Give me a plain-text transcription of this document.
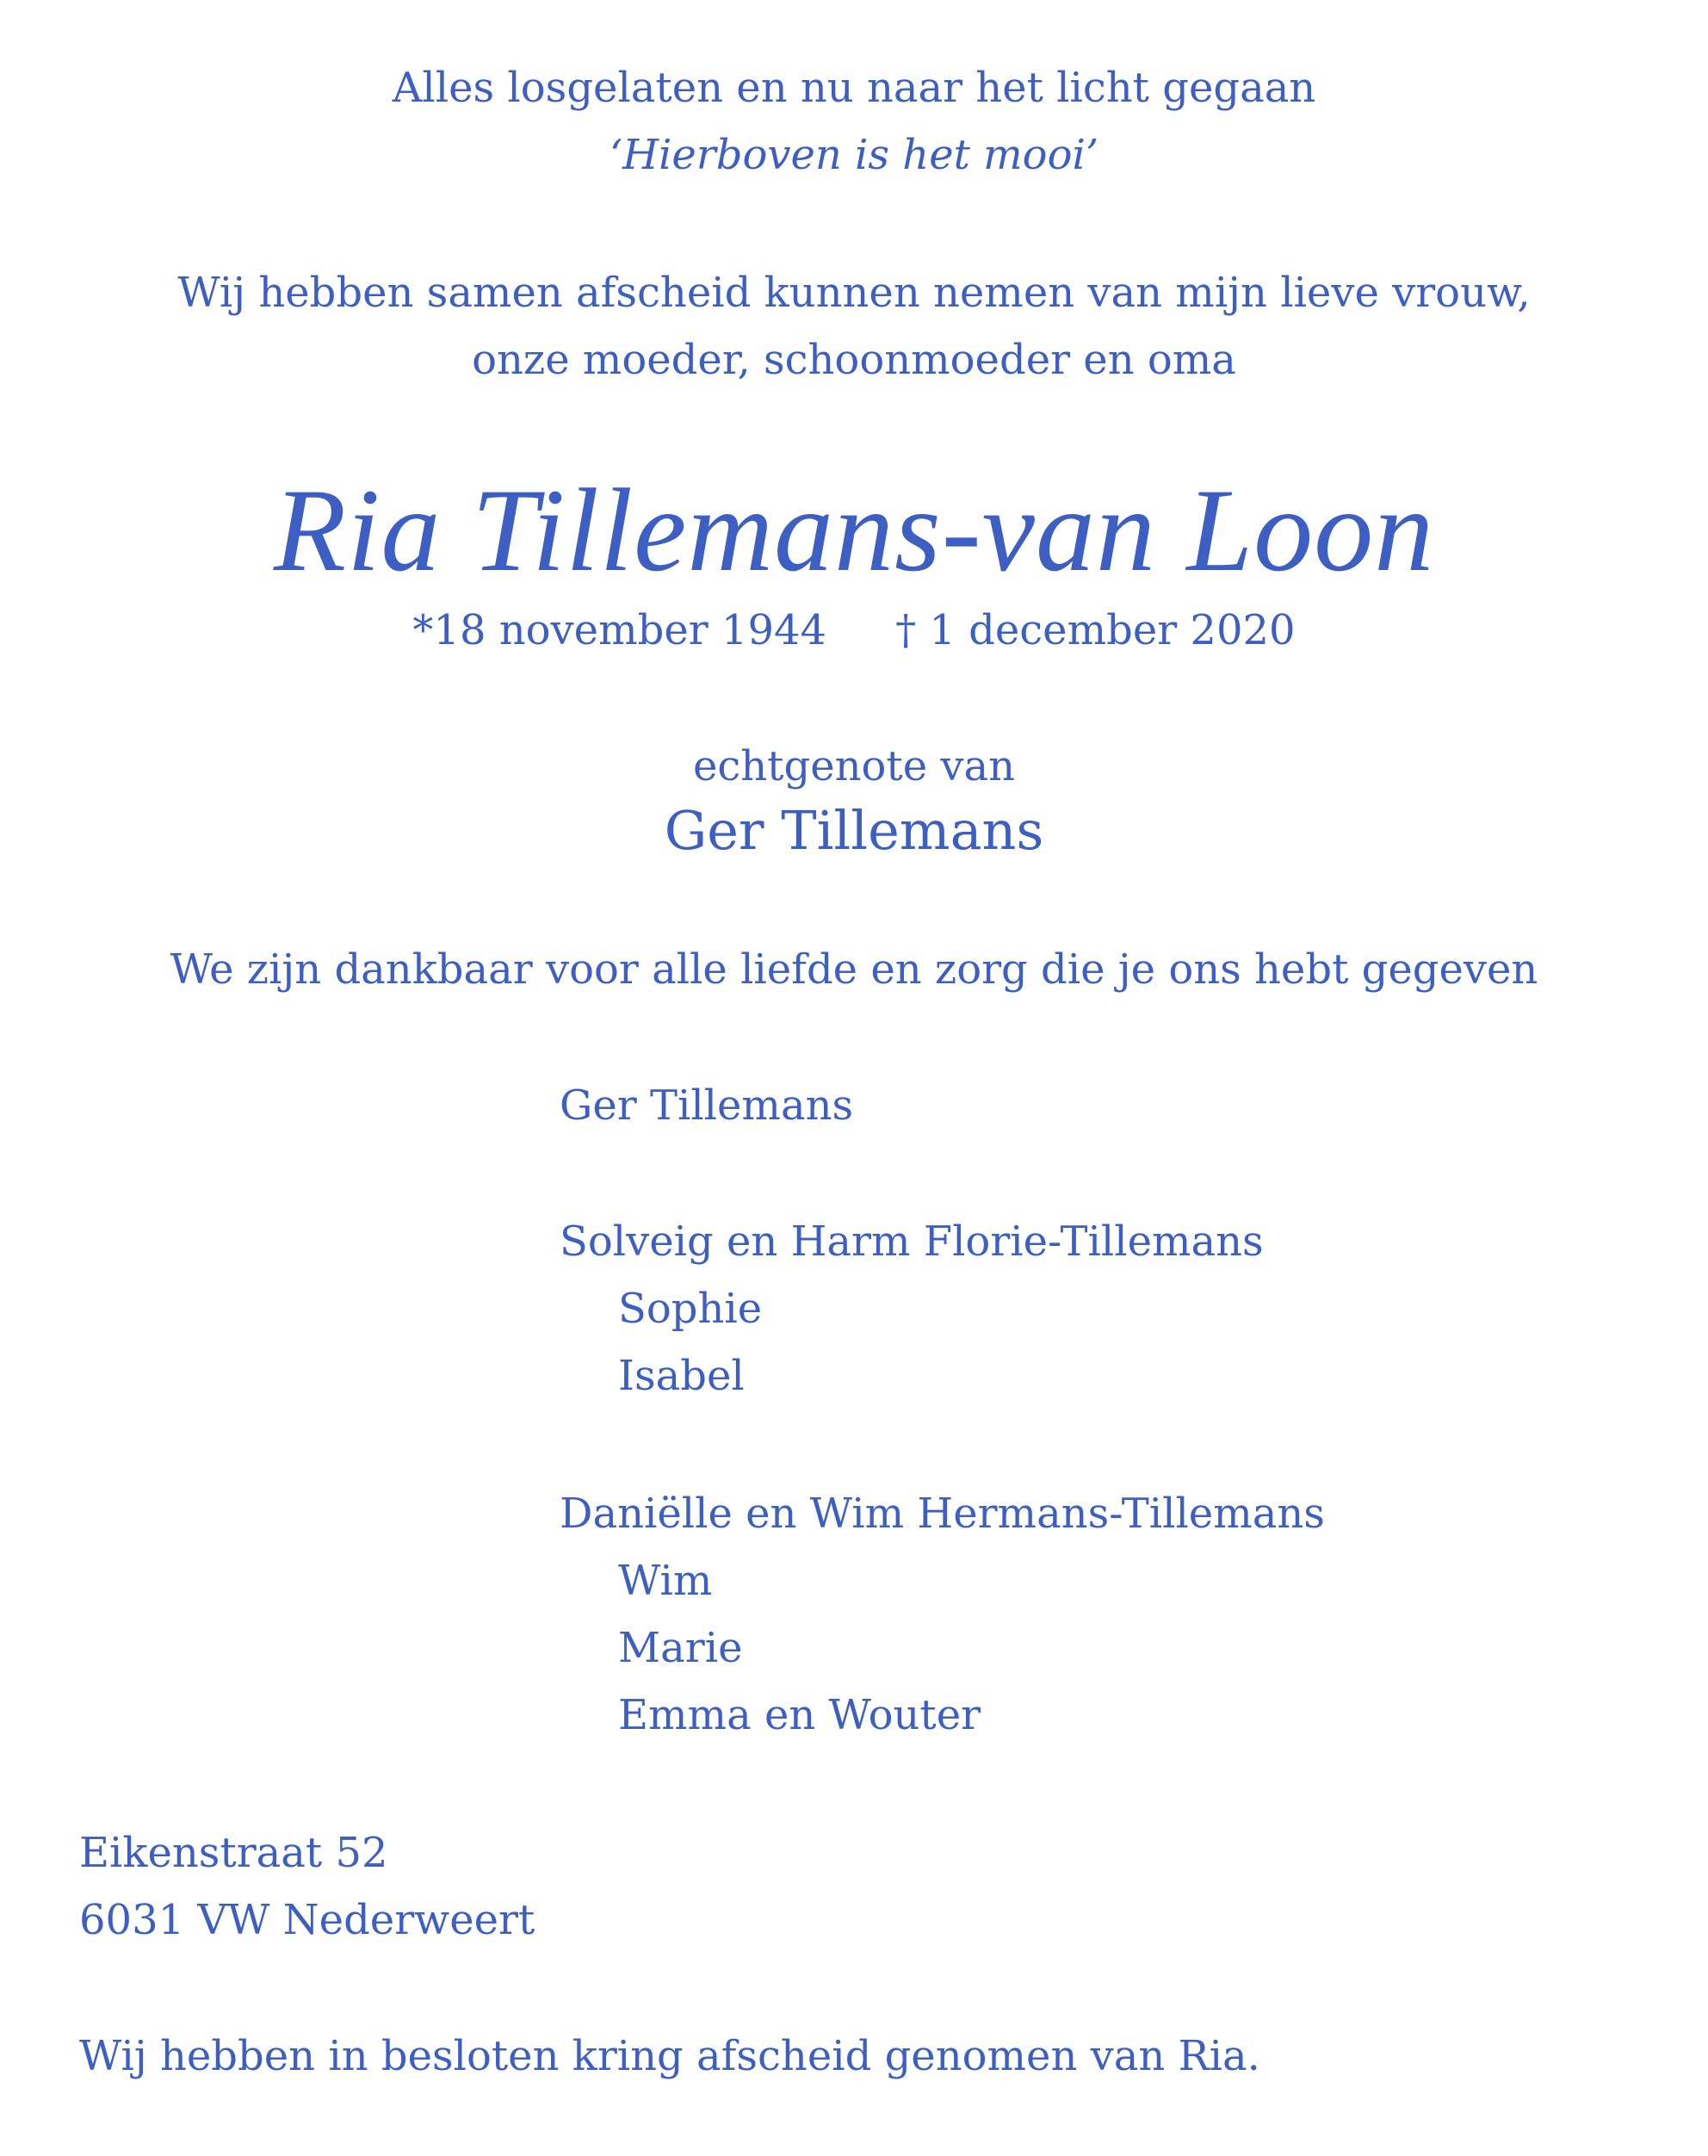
Alles losgelaten en nu naar het licht gegaan
‘Hierboven is het mooi’
Wij hebben samen afscheid kunnen nemen van mijn lieve vrouw,
onze moeder, schoonmoeder en oma
Ria Tillemans-van Loon
*18 november 1944 † 1 december 2020
echtgenote van
Ger Tillemans
We zijn dankbaar voor alle liefde en zorg die je ons hebt gegeven
Ger Tillemans
Solveig en Harm Florie-Tillemans
Sophie
Isabel
Daniëlle en Wim Hermans-Tillemans
Wim
Marie
Emma en Wouter
Eikenstraat 52
6031 VW Nederweert
Wij hebben in besloten kring afscheid genomen van Ria.
